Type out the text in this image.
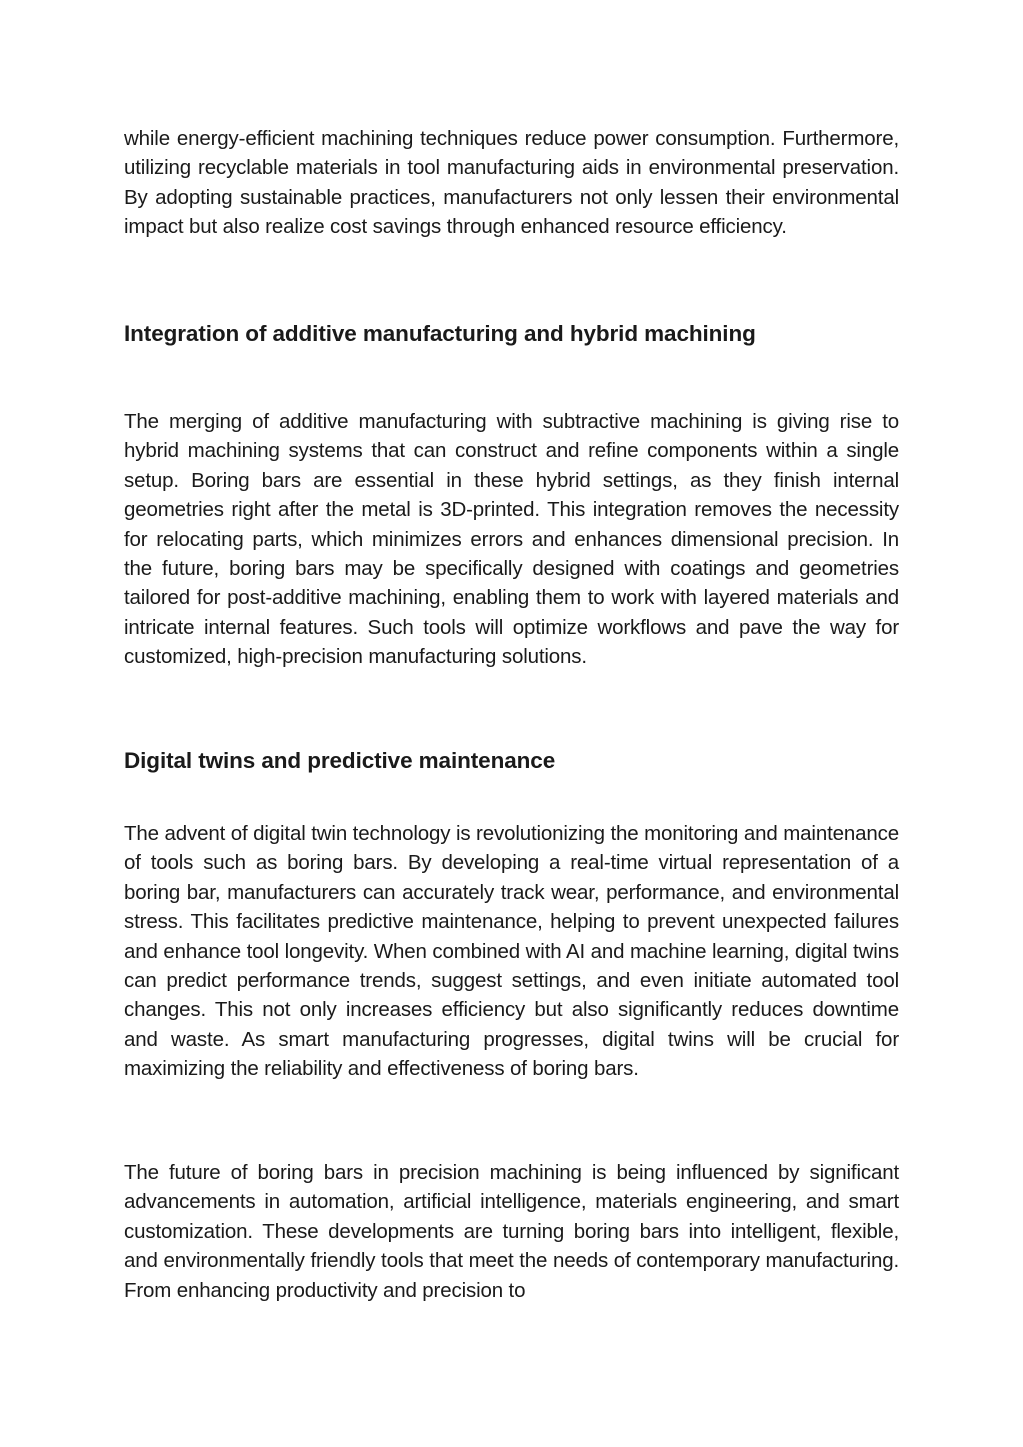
while energy-efficient machining techniques reduce power consumption. Furthermore, utilizing recyclable materials in tool manufacturing aids in environmental preservation. By adopting sustainable practices, manufacturers not only lessen their environmental impact but also realize cost savings through enhanced resource efficiency.

Integration of additive manufacturing and hybrid machining

The merging of additive manufacturing with subtractive machining is giving rise to hybrid machining systems that can construct and refine components within a single setup. Boring bars are essential in these hybrid settings, as they finish internal geometries right after the metal is 3D-printed. This integration removes the necessity for relocating parts, which minimizes errors and enhances dimensional precision. In the future, boring bars may be specifically designed with coatings and geometries tailored for post-additive machining, enabling them to work with layered materials and intricate internal features. Such tools will optimize workflows and pave the way for customized, high-precision manufacturing solutions.

Digital twins and predictive maintenance

The advent of digital twin technology is revolutionizing the monitoring and maintenance of tools such as boring bars. By developing a real-time virtual representation of a boring bar, manufacturers can accurately track wear, performance, and environmental stress. This facilitates predictive maintenance, helping to prevent unexpected failures and enhance tool longevity. When combined with AI and machine learning, digital twins can predict performance trends, suggest settings, and even initiate automated tool changes. This not only increases efficiency but also significantly reduces downtime and waste. As smart manufacturing progresses, digital twins will be crucial for maximizing the reliability and effectiveness of boring bars.

The future of boring bars in precision machining is being influenced by significant advancements in automation, artificial intelligence, materials engineering, and smart customization. These developments are turning boring bars into intelligent, flexible, and environmentally friendly tools that meet the needs of contemporary manufacturing. From enhancing productivity and precision to
